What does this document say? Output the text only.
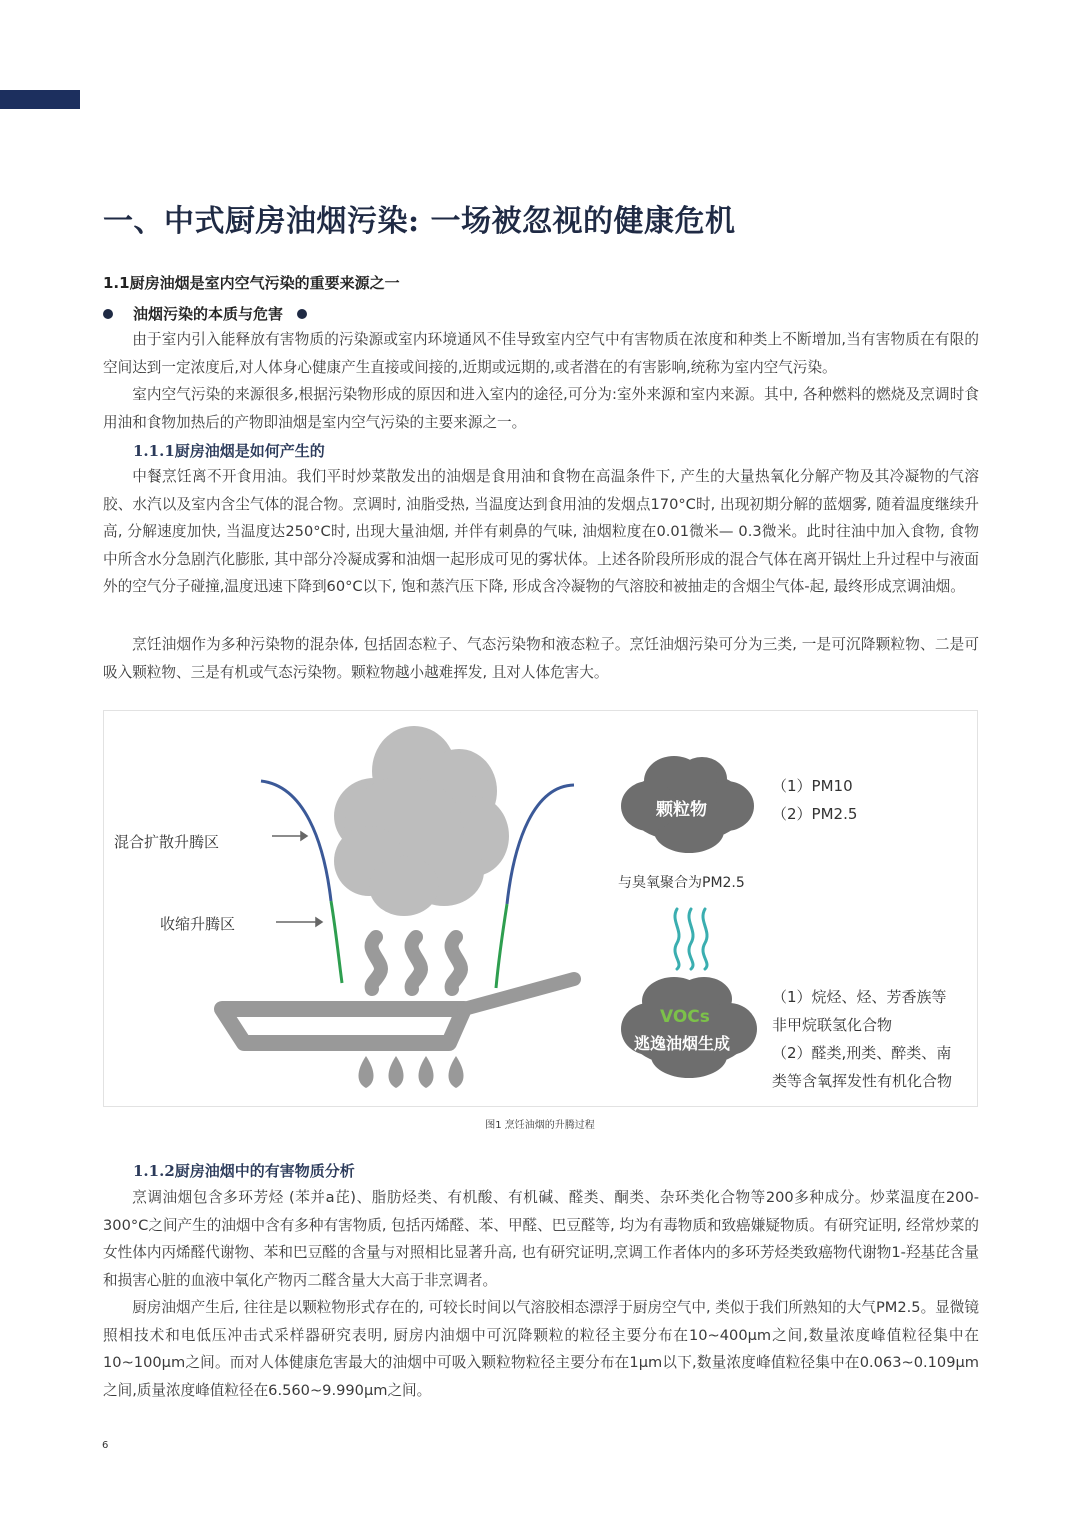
一、中式厨房油烟污染: 一场被忽视的健康危机
1.1厨房油烟是室内空气污染的重要来源之一
油烟污染的本质与危害
由于室内引入能释放有害物质的污染源或室内环境通风不佳导致室内空气中有害物质在浓度和种类上不断增加,当有害物质在有限的空间达到一定浓度后,对人体身心健康产生直接或间接的,近期或远期的,或者潜在的有害影响,统称为室内空气污染。
室内空气污染的来源很多,根据污染物形成的原因和进入室内的途径,可分为:室外来源和室内来源。其中, 各种燃料的燃烧及烹调时食用油和食物加热后的产物即油烟是室内空气污染的主要来源之一。
1.1.1厨房油烟是如何产生的
中餐烹饪离不开食用油。我们平时炒菜散发出的油烟是食用油和食物在高温条件下, 产生的大量热氧化分解产物及其冷凝物的气溶胶、水汽以及室内含尘气体的混合物。烹调时, 油脂受热, 当温度达到食用油的发烟点170°C时, 出现初期分解的蓝烟雾, 随着温度继续升高, 分解速度加快, 当温度达250°C时, 出现大量油烟, 并伴有刺鼻的气味, 油烟粒度在0.01微米— 0.3微米。此时往油中加入食物, 食物中所含水分急剧汽化膨胀, 其中部分冷凝成雾和油烟一起形成可见的雾状体。上述各阶段所形成的混合气体在离开锅灶上升过程中与液面外的空气分子碰撞,温度迅速下降到60°C以下, 饱和蒸汽压下降, 形成含冷凝物的气溶胶和被抽走的含烟尘气体-起, 最终形成烹调油烟。
烹饪油烟作为多种污染物的混杂体, 包括固态粒子、气态污染物和液态粒子。烹饪油烟污染可分为三类, 一是可沉降颗粒物、二是可吸入颗粒物、三是有机或气态污染物。颗粒物越小越难挥发, 且对人体危害大。
混合扩散升腾区
收缩升腾区
颗粒物
（1）PM10
（2）PM2.5
与臭氧聚合为PM2.5
VOCs
逃逸油烟生成
（1）烷烃、烃、芳香族等
非甲烷联氢化合物
（2）醛类,刑类、醉类、南
类等含氧挥发性有机化合物
图1 烹饪油烟的升腾过程
1.1.2厨房油烟中的有害物质分析
烹调油烟包含多环芳烃 (苯并a芘)、脂肪烃类、有机酸、有机碱、醛类、酮类、杂环类化合物等200多种成分。炒菜温度在200-300°C之间产生的油烟中含有多种有害物质, 包括丙烯醛、苯、甲醛、巴豆醛等, 均为有毒物质和致癌嫌疑物质。有研究证明, 经常炒菜的女性体内丙烯醛代谢物、苯和巴豆醛的含量与对照相比显著升高, 也有研究证明,烹调工作者体内的多环芳烃类致癌物代谢物1-羟基芘含量和损害心脏的血液中氧化产物丙二醛含量大大高于非烹调者。
厨房油烟产生后, 往往是以颗粒物形式存在的, 可较长时间以气溶胶相态漂浮于厨房空气中, 类似于我们所熟知的大气PM2.5。显微镜照相技术和电低压冲击式采样器研究表明, 厨房内油烟中可沉降颗粒的粒径主要分布在10~400μm之间,数量浓度峰值粒径集中在10~100μm之间。而对人体健康危害最大的油烟中可吸入颗粒物粒径主要分布在1μm以下,数量浓度峰值粒径集中在0.063~0.109μm之间,质量浓度峰值粒径在6.560~9.990μm之间。
6
